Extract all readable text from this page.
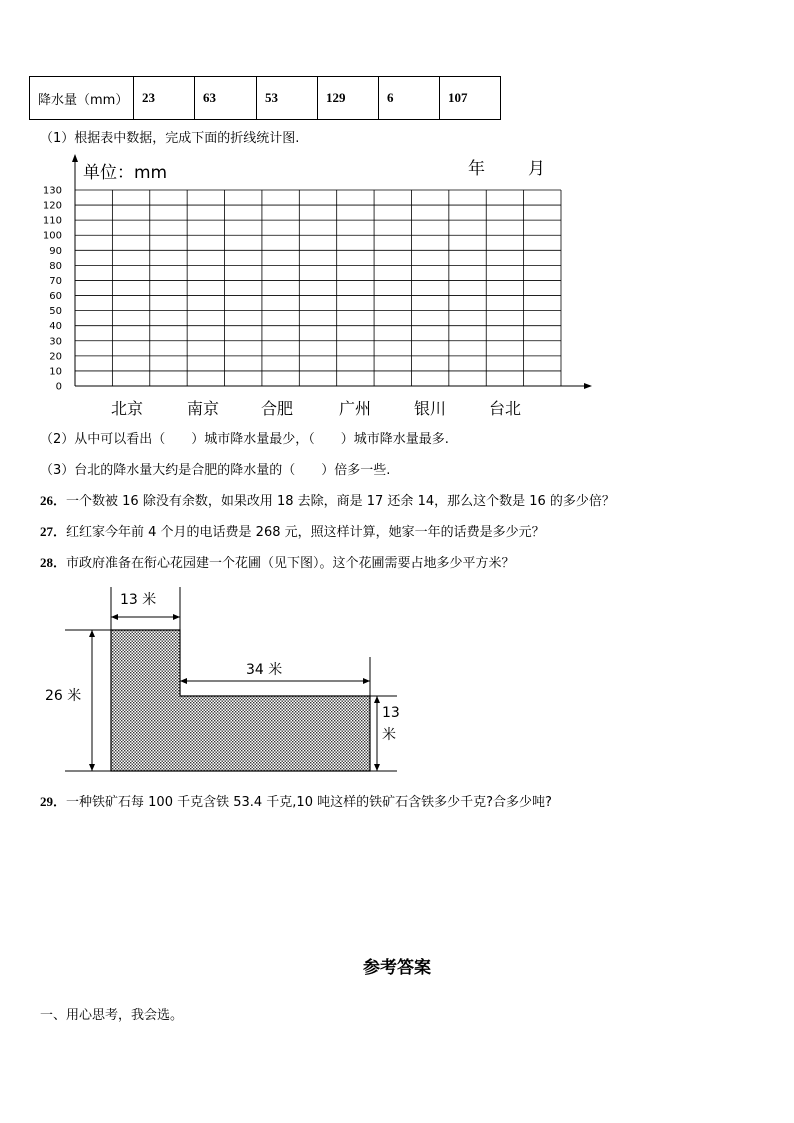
降水量（mm）	23	63	53	129	6	107
（1）根据表中数据，完成下面的折线统计图.
130
120
110
100
90
80
70
60
50
40
30
20
10
0
北京	南京	合肥	广州	银川	台北
单位：mm	年	月
（2）从中可以看出（　　）城市降水量最少，（　　）城市降水量最多.
（3）台北的降水量大约是合肥的降水量的（　　）倍多一些.
26．一个数被 16 除没有余数，如果改用 18 去除，商是 17 还余 14，那么这个数是 16 的多少倍？
27．红红家今年前 4 个月的电话费是 268 元，照这样计算，她家一年的话费是多少元？
28．市政府准备在衔心花园建一个花圃（见下图）。这个花圃需要占地多少平方米？
13 米
34 米
26 米
13
米
29．一种铁矿石每 100 千克含铁 53.4 千克,10 吨这样的铁矿石含铁多少千克?合多少吨?
参考答案
一、用心思考，我会选。
